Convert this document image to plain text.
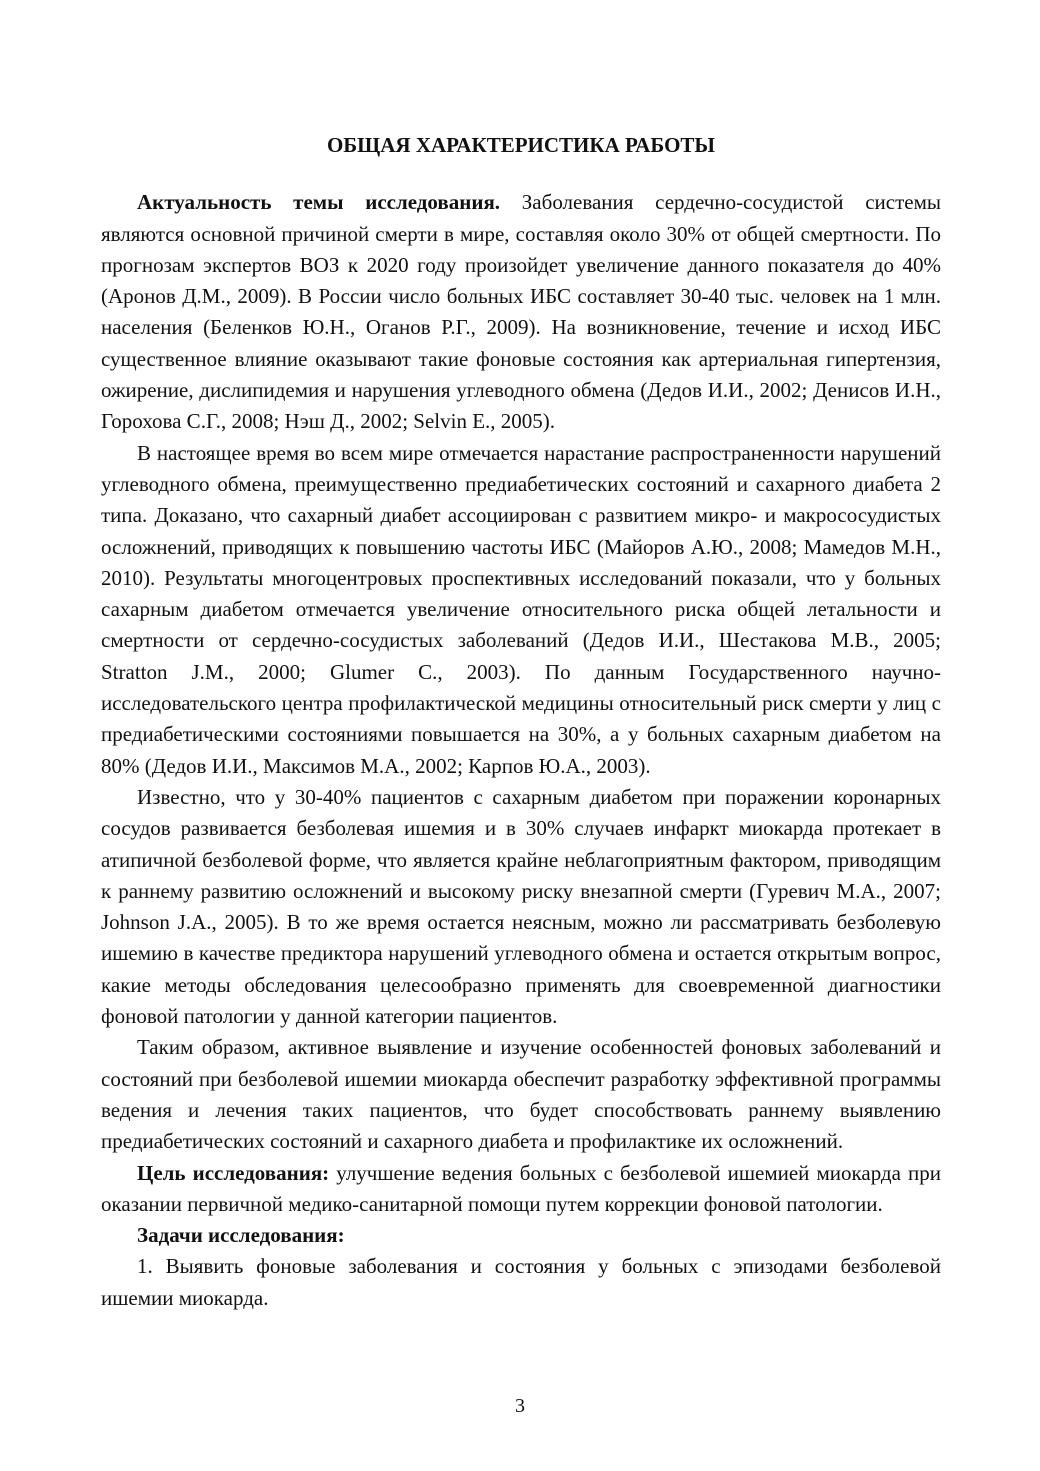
ОБЩАЯ ХАРАКТЕРИСТИКА РАБОТЫ

Актуальность темы исследования. Заболевания сердечно-сосудистой системы являются основной причиной смерти в мире, составляя около 30% от общей смертности. По прогнозам экспертов ВОЗ к 2020 году произойдет увеличение данного показателя до 40% (Аронов Д.М., 2009). В России число больных ИБС составляет 30-40 тыс. человек на 1 млн. населения (Беленков Ю.Н., Оганов Р.Г., 2009). На возникновение, течение и исход ИБС существенное влияние оказывают такие фоновые состояния как артериальная гипертензия, ожирение, дислипидемия и нарушения углеводного обмена (Дедов И.И., 2002; Денисов И.Н., Горохова С.Г., 2008; Нэш Д., 2002; Selvin E., 2005).

В настоящее время во всем мире отмечается нарастание распространенности нарушений углеводного обмена, преимущественно предиабетических состояний и сахарного диабета 2 типа. Доказано, что сахарный диабет ассоциирован с развитием микро- и макрососудистых осложнений, приводящих к повышению частоты ИБС (Майоров А.Ю., 2008; Мамедов М.Н., 2010). Результаты многоцентровых проспективных исследований показали, что у больных сахарным диабетом отмечается увеличение относительного риска общей летальности и смертности от сердечно-сосудистых заболеваний (Дедов И.И., Шестакова М.В., 2005; Stratton J.M., 2000; Glumer C., 2003). По данным Государственного научно-исследовательского центра профилактической медицины относительный риск смерти у лиц с предиабетическими состояниями повышается на 30%, а у больных сахарным диабетом на 80% (Дедов И.И., Максимов М.А., 2002; Карпов Ю.А., 2003).

Известно, что у 30-40% пациентов с сахарным диабетом при поражении коронарных сосудов развивается безболевая ишемия и в 30% случаев инфаркт миокарда протекает в атипичной безболевой форме, что является крайне неблагоприятным фактором, приводящим к раннему развитию осложнений и высокому риску внезапной смерти (Гуревич М.А., 2007; Johnson J.A., 2005). В то же время остается неясным, можно ли рассматривать безболевую ишемию в качестве предиктора нарушений углеводного обмена и остается открытым вопрос, какие методы обследования целесообразно применять для своевременной диагностики фоновой патологии у данной категории пациентов.

Таким образом, активное выявление и изучение особенностей фоновых заболеваний и состояний при безболевой ишемии миокарда обеспечит разработку эффективной программы ведения и лечения таких пациентов, что будет способствовать раннему выявлению предиабетических состояний и сахарного диабета и профилактике их осложнений.

Цель исследования: улучшение ведения больных с безболевой ишемией миокарда при оказании первичной медико-санитарной помощи путем коррекции фоновой патологии.

Задачи исследования:

1. Выявить фоновые заболевания и состояния у больных с эпизодами безболевой ишемии миокарда.

3
